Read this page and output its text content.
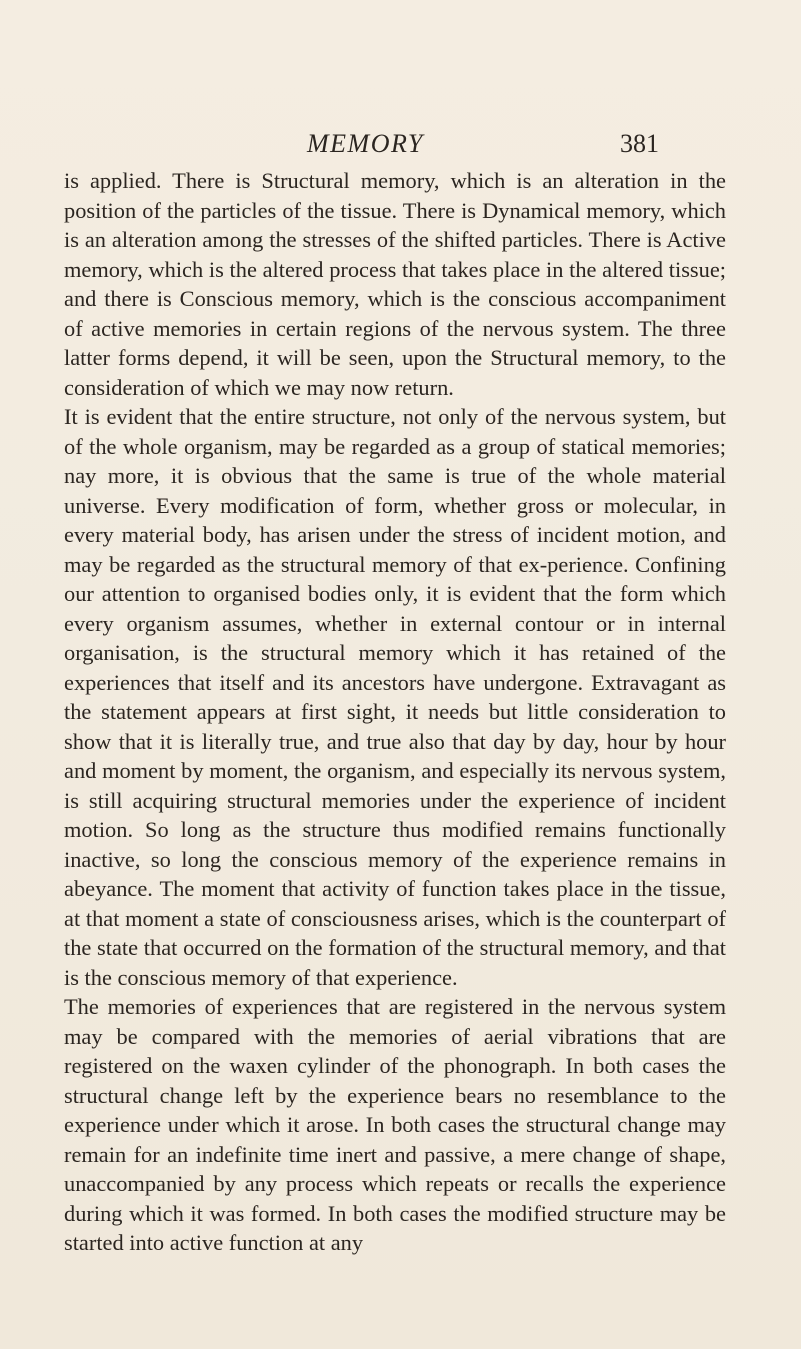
MEMORY	381

is applied. There is Structural memory, which is an alteration in the position of the particles of the tissue. There is Dynamical memory, which is an alteration among the stresses of the shifted particles. There is Active memory, which is the altered process that takes place in the altered tissue; and there is Conscious memory, which is the conscious accompaniment of active memories in certain regions of the nervous system. The three latter forms depend, it will be seen, upon the Structural memory, to the consideration of which we may now return.

It is evident that the entire structure, not only of the nervous system, but of the whole organism, may be regarded as a group of statical memories; nay more, it is obvious that the same is true of the whole material universe. Every modification of form, whether gross or molecular, in every material body, has arisen under the stress of incident motion, and may be regarded as the structural memory of that ex-perience. Confining our attention to organised bodies only, it is evident that the form which every organism assumes, whether in external contour or in internal organisation, is the structural memory which it has retained of the experiences that itself and its ancestors have undergone. Extravagant as the statement appears at first sight, it needs but little consideration to show that it is literally true, and true also that day by day, hour by hour and moment by moment, the organism, and especially its nervous system, is still acquiring structural memories under the experience of incident motion. So long as the structure thus modified remains functionally inactive, so long the conscious memory of the experience remains in abeyance. The moment that activity of function takes place in the tissue, at that moment a state of consciousness arises, which is the counterpart of the state that occurred on the formation of the structural memory, and that is the conscious memory of that experience.

The memories of experiences that are registered in the nervous system may be compared with the memories of aerial vibrations that are registered on the waxen cylinder of the phonograph. In both cases the structural change left by the experience bears no resemblance to the experience under which it arose. In both cases the structural change may remain for an indefinite time inert and passive, a mere change of shape, unaccompanied by any process which repeats or recalls the experience during which it was formed. In both cases the modified structure may be started into active function at any
